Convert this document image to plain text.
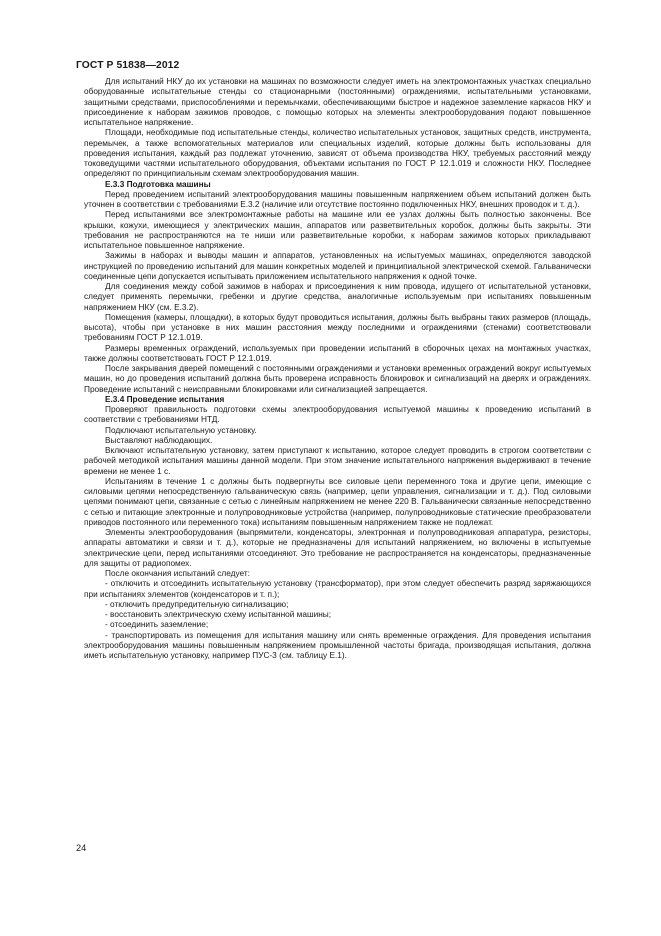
ГОСТ Р 51838—2012

Для испытаний НКУ до их установки на машинах по возможности следует иметь на электромонтажных участках специально оборудованные испытательные стенды со стационарными (постоянными) ограждениями, испытательными установками, защитными средствами, приспособлениями и перемычками, обеспечивающими быстрое и надежное заземление каркасов НКУ и присоединение к наборам зажимов проводов, с помощью которых на элементы электрооборудования подают повышенное испытательное напряжение.

Площади, необходимые под испытательные стенды, количество испытательных установок, защитных средств, инструмента, перемычек, а также вспомогательных материалов или специальных изделий, которые должны быть использованы для проведения испытания, каждый раз подлежат уточнению, зависят от объема производства НКУ, требуемых расстояний между токоведущими частями испытательного оборудования, объектами испытания по ГОСТ Р 12.1.019 и сложности НКУ. Последнее определяют по принципиальным схемам электрооборудования машин.

Е.3.3 Подготовка машины

Перед проведением испытаний электрооборудования машины повышенным напряжением объем испытаний должен быть уточнен в соответствии с требованиями Е.3.2 (наличие или отсутствие постоянно подключенных НКУ, внешних проводок и т. д.).

Перед испытаниями все электромонтажные работы на машине или ее узлах должны быть полностью закончены. Все крышки, кожухи, имеющиеся у электрических машин, аппаратов или разветвительных коробок, должны быть закрыты. Эти требования не распространяются на те ниши или разветвительные коробки, к наборам зажимов которых прикладывают испытательное повышенное напряжение.

Зажимы в наборах и выводы машин и аппаратов, установленных на испытуемых машинах, определяются заводской инструкцией по проведению испытаний для машин конкретных моделей и принципиальной электрической схемой. Гальванически соединенные цепи допускается испытывать приложением испытательного напряжения к одной точке.

Для соединения между собой зажимов в наборах и присоединения к ним провода, идущего от испытательной установки, следует применять перемычки, гребенки и другие средства, аналогичные используемым при испытаниях повышенным напряжением НКУ (см. Е.3.2).

Помещения (камеры, площадки), в которых будут проводиться испытания, должны быть выбраны таких размеров (площадь, высота), чтобы при установке в них машин расстояния между последними и ограждениями (стенами) соответствовали требованиям ГОСТ Р 12.1.019.

Размеры временных ограждений, используемых при проведении испытаний в сборочных цехах на монтажных участках, также должны соответствовать ГОСТ Р 12.1.019.

После закрывания дверей помещений с постоянными ограждениями и установки временных ограждений вокруг испытуемых машин, но до проведения испытаний должна быть проверена исправность блокировок и сигнализаций на дверях и ограждениях. Проведение испытаний с неисправными блокировками или сигнализацией запрещается.

Е.3.4 Проведение испытания

Проверяют правильность подготовки схемы электрооборудования испытуемой машины к проведению испытаний в соответствии с требованиями НТД.

Подключают испытательную установку.

Выставляют наблюдающих.

Включают испытательную установку, затем приступают к испытанию, которое следует проводить в строгом соответствии с рабочей методикой испытания машины данной модели. При этом значение испытательного напряжения выдерживают в течение времени не менее 1 с.

Испытаниям в течение 1 с должны быть подвергнуты все силовые цепи переменного тока и другие цепи, имеющие с силовыми цепями непосредственную гальваническую связь (например, цепи управления, сигнализации и т. д.). Под силовыми цепями понимают цепи, связанные с сетью с линейным напряжением не менее 220 В. Гальванически связанные непосредственно с сетью и питающие электронные и полупроводниковые устройства (например, полупроводниковые статические преобразователи приводов постоянного или переменного тока) испытаниям повышенным напряжением также не подлежат.

Элементы электрооборудования (выпрямители, конденсаторы, электронная и полупроводниковая аппаратура, резисторы, аппараты автоматики и связи и т. д.), которые не предназначены для испытаний напряжением, но включены в испытуемые электрические цепи, перед испытаниями отсоединяют. Это требование не распространяется на конденсаторы, предназначенные для защиты от радиопомех.

После окончания испытаний следует:

- отключить и отсоединить испытательную установку (трансформатор), при этом следует обеспечить разряд заряжающихся при испытаниях элементов (конденсаторов и т. п.);

- отключить предупредительную сигнализацию;

- восстановить электрическую схему испытанной машины;

- отсоединить заземление;

- транспортировать из помещения для испытания машину или снять временные ограждения. Для проведения испытания электрооборудования машины повышенным напряжением промышленной частоты бригада, производящая испытания, должна иметь испытательную установку, например ПУС-3 (см. таблицу Е.1).

24
